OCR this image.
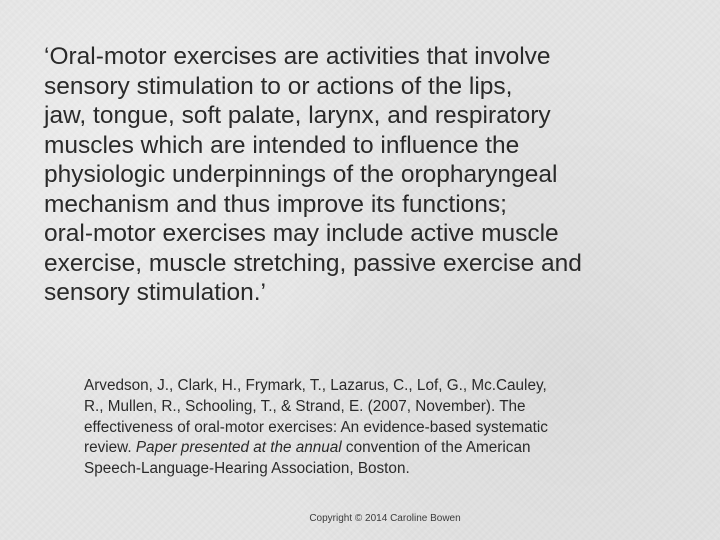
‘Oral-motor exercises are activities that involve
sensory stimulation to or actions of the lips,
jaw, tongue, soft palate, larynx, and respiratory
muscles which are intended to influence the
physiologic underpinnings of the oropharyngeal
mechanism and thus improve its functions;
oral-motor exercises may include active muscle
exercise, muscle stretching, passive exercise and
sensory stimulation.’

Arvedson, J., Clark, H., Frymark, T., Lazarus, C., Lof, G., Mc.Cauley,
R., Mullen, R., Schooling, T., & Strand, E. (2007, November). The
effectiveness of oral-motor exercises: An evidence-based systematic
review. Paper presented at the annual convention of the American
Speech-Language-Hearing Association, Boston.

Copyright © 2014 Caroline Bowen
